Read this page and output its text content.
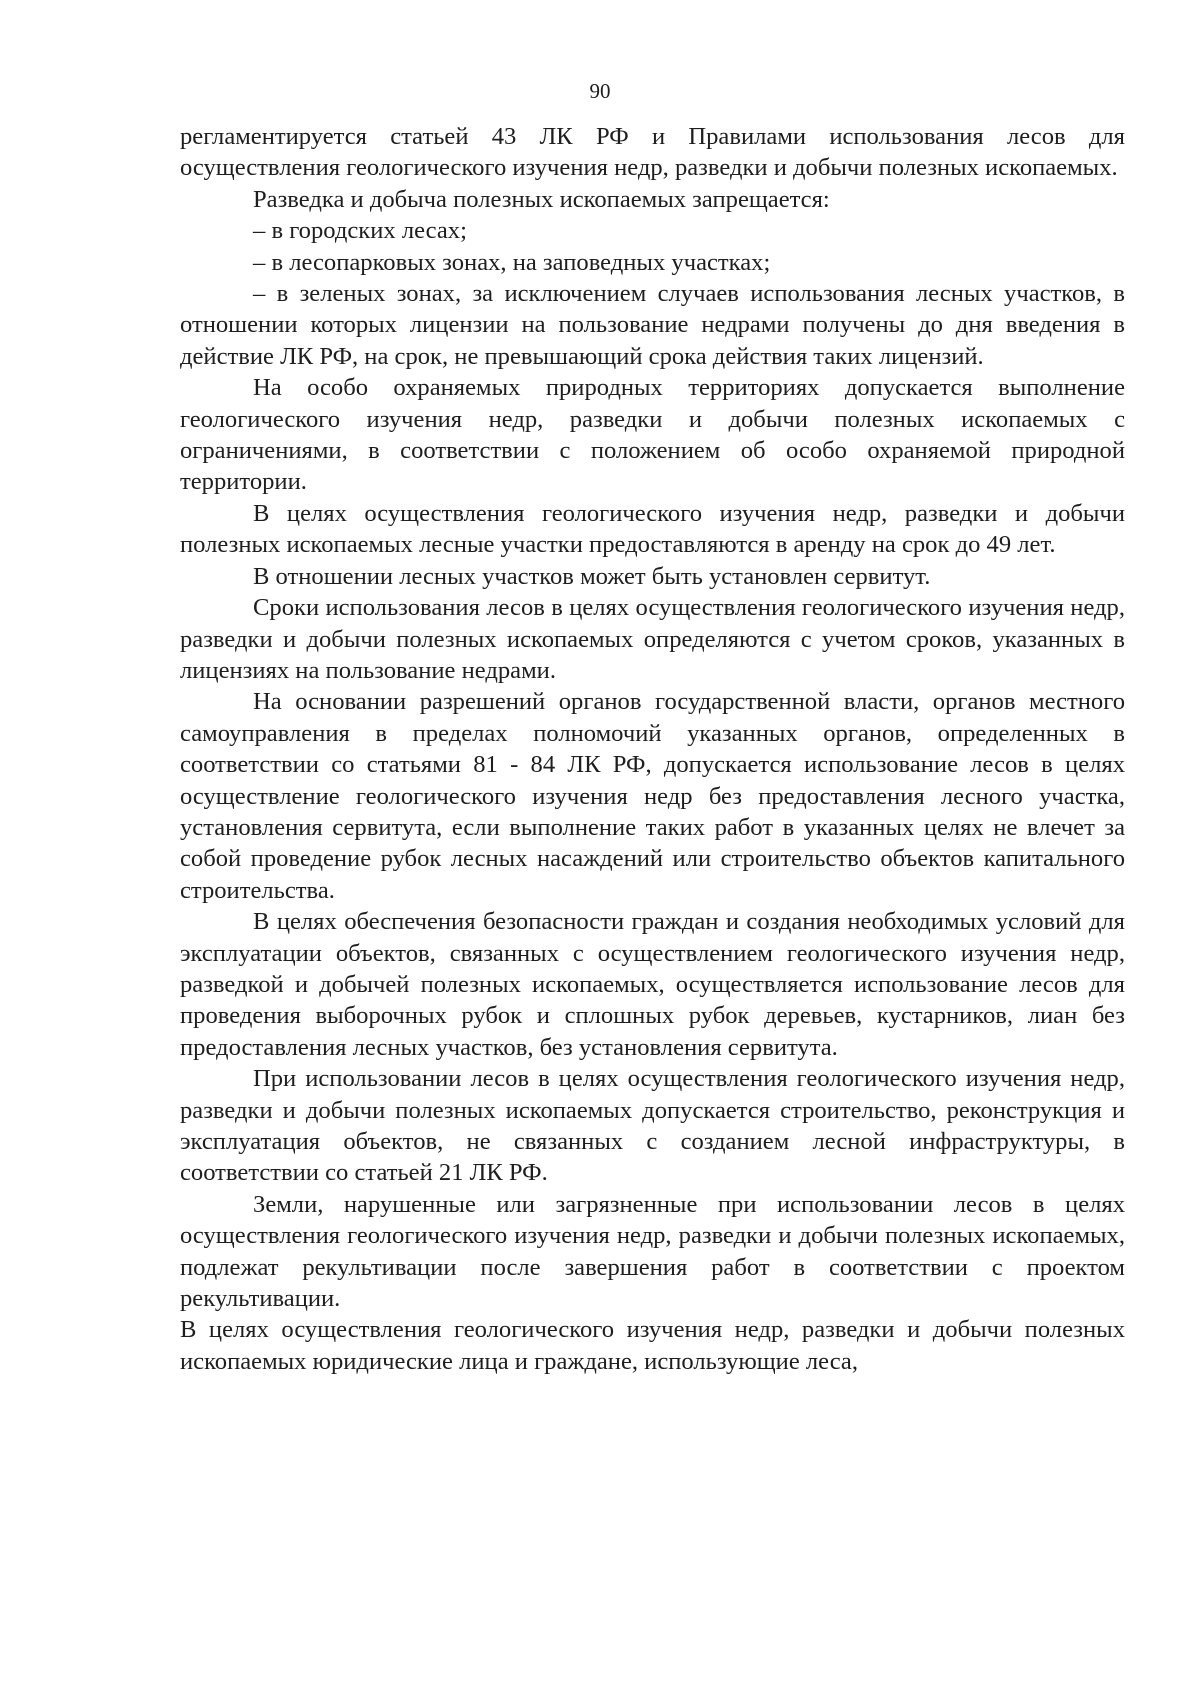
90

регламентируется статьей 43 ЛК РФ и Правилами использования лесов для осуществления геологического изучения недр, разведки и добычи полезных ископаемых.

Разведка и добыча полезных ископаемых запрещается:

– в городских лесах;

– в лесопарковых зонах, на заповедных участках;

– в зеленых зонах, за исключением случаев использования лесных участков, в отношении которых лицензии на пользование недрами получены до дня введения в действие ЛК РФ, на срок, не превышающий срока действия таких лицензий.

На особо охраняемых природных территориях допускается выполнение геологического изучения недр, разведки и добычи полезных ископаемых с ограничениями, в соответствии с положением об особо охраняемой природной территории.

В целях осуществления геологического изучения недр, разведки и добычи полезных ископаемых лесные участки предоставляются в аренду на срок до 49 лет.

В отношении лесных участков может быть установлен сервитут.

Сроки использования лесов в целях осуществления геологического изучения недр, разведки и добычи полезных ископаемых определяются с учетом сроков, указанных в лицензиях на пользование недрами.

На основании разрешений органов государственной власти, органов местного самоуправления в пределах полномочий указанных органов, определенных в соответствии со статьями 81 - 84 ЛК РФ, допускается использование лесов в целях осуществление геологического изучения недр без предоставления лесного участка, установления сервитута, если выполнение таких работ в указанных целях не влечет за собой проведение рубок лесных насаждений или строительство объектов капитального строительства.

В целях обеспечения безопасности граждан и создания необходимых условий для эксплуатации объектов, связанных с осуществлением геологического изучения недр, разведкой и добычей полезных ископаемых, осуществляется использование лесов для проведения выборочных рубок и сплошных рубок деревьев, кустарников, лиан без предоставления лесных участков, без установления сервитута.

При использовании лесов в целях осуществления геологического изучения недр, разведки и добычи полезных ископаемых допускается строительство, реконструкция и эксплуатация объектов, не связанных с созданием лесной инфраструктуры, в соответствии со статьей 21 ЛК РФ.

Земли, нарушенные или загрязненные при использовании лесов в целях осуществления геологического изучения недр, разведки и добычи полезных ископаемых, подлежат рекультивации после завершения работ в соответствии с проектом рекультивации.

В целях осуществления геологического изучения недр, разведки и добычи полезных ископаемых юридические лица и граждане, использующие леса,
